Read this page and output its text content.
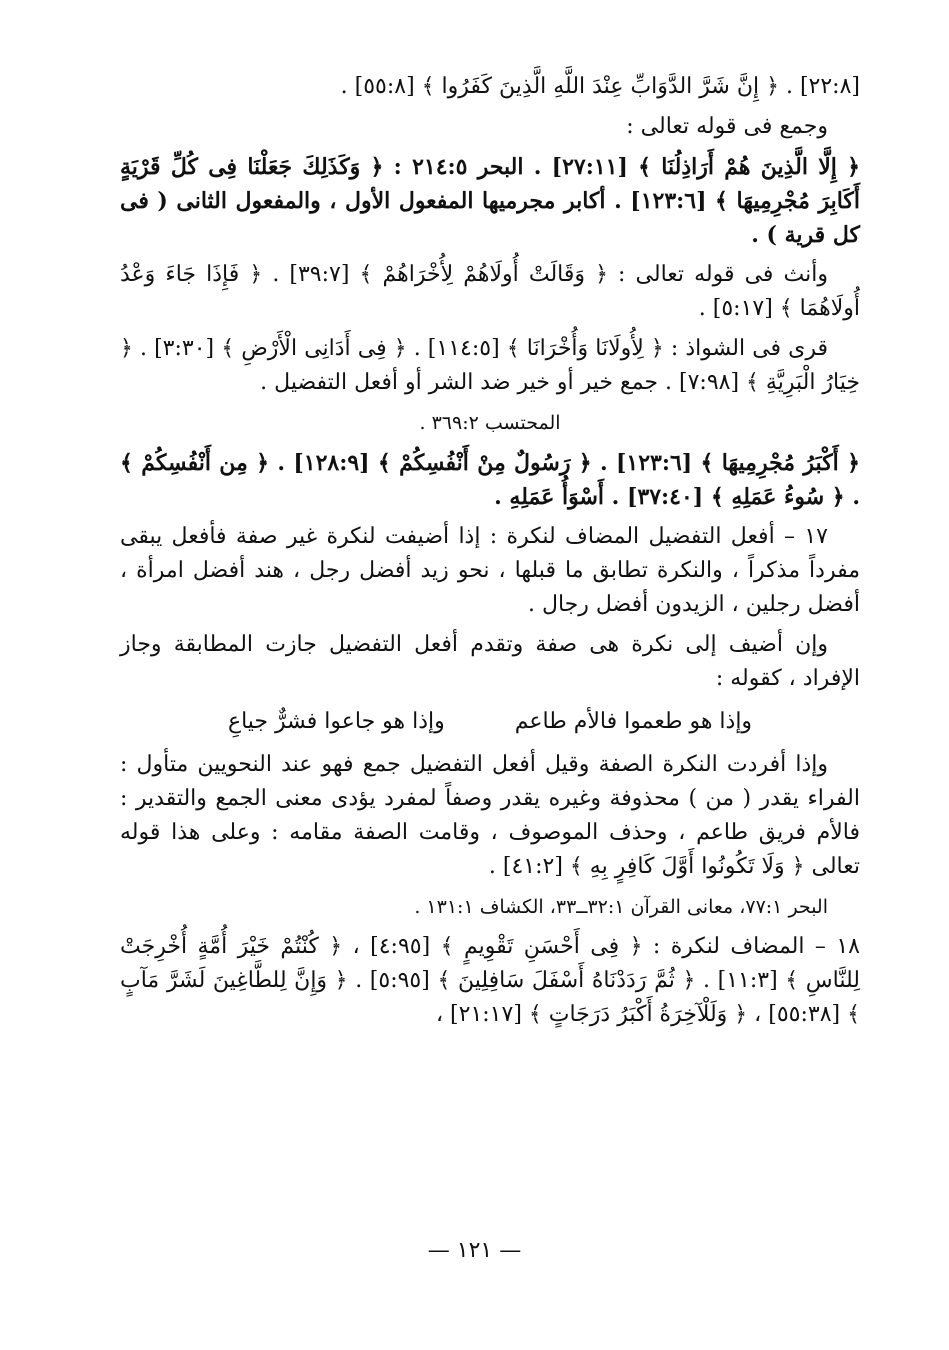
[٢٢:٨] . ﴿ إِنَّ شَرَّ الدَّوَابِّ عِنْدَ اللَّهِ الَّذِينَ كَفَرُوا ﴾ [٥٥:٨] .
وجمع فى قوله تعالى :
﴿ إِلَّا الَّذِينَ هُمْ أَرَاذِلُنَا ﴾ [٢٧:١١] . البحر ٢١٤:٥ : ﴿ وَكَذَلِكَ جَعَلْنَا فِى كُلِّ قَرْيَةٍ أَكَابِرَ مُجْرِمِيهَا ﴾ [١٢٣:٦] . أكابر مجرميها المفعول الأول ، والمفعول الثانى ( فى كل قرية ) .
وأنث فى قوله تعالى : ﴿ وَقَالَتْ أُولَاهُمْ لِأُخْرَاهُمْ ﴾ [٣٩:٧] . ﴿ فَإِذَا جَاءَ وَعْدُ أُولَاهُمَا ﴾ [٥:١٧] .
قرى فى الشواذ : ﴿ لِأُولَانَا وَأُخْرَانَا ﴾ [١١٤:٥] . ﴿ فِى أَدَانِى الْأَرْضِ ﴾ [٣:٣٠] . ﴿ خِيَارُ الْبَرِيَّةِ ﴾ [٧:٩٨] . جمع خير أو خير ضد الشر أو أفعل التفضيل .
المحتسب ٣٦٩:٢ .
﴿ أَكْبَرُ مُجْرِمِيهَا ﴾ [١٢٣:٦] . ﴿ رَسُولٌ مِنْ أَنْفُسِكُمْ ﴾ [١٢٨:٩] . ﴿ مِن أَنْفُسِكُمْ ﴾ . ﴿ سُوءُ عَمَلِهِ ﴾ [٣٧:٤٠] . أَسْوَأُ عَمَلِهِ .
١٧ – أفعل التفضيل المضاف لنكرة : إذا أضيفت لنكرة غير صفة فأفعل يبقى مفرداً مذكراً ، والنكرة تطابق ما قبلها ، نحو زيد أفضل رجل ، هند أفضل امرأة ، أفضل رجلين ، الزيدون أفضل رجال .
وإن أضيف إلى نكرة هى صفة وتقدم أفعل التفضيل جازت المطابقة وجاز الإفراد ، كقوله :
وإذا هو طعموا فالأم طاعم
وإذا هو جاعوا فشرٌّ جياعِ
وإذا أفردت النكرة الصفة وقيل أفعل التفضيل جمع فهو عند النحويين متأول : الفراء يقدر ( من ) محذوفة وغيره يقدر وصفاً لمفرد يؤدى معنى الجمع والتقدير : فالأم فريق طاعم ، وحذف الموصوف ، وقامت الصفة مقامه : وعلى هذا قوله تعالى ﴿ وَلَا تَكُونُوا أَوَّلَ كَافِرٍ بِهِ ﴾ [٤١:٢] .
البحر ٧٧:١، معانى القرآن ٣٢:١ــ٣٣، الكشاف ١٣١:١ .
١٨ – المضاف لنكرة : ﴿ فِى أَحْسَنِ تَقْوِيمٍ ﴾ [٤:٩٥] ، ﴿ كُنْتُمْ خَيْرَ أُمَّةٍ أُخْرِجَتْ لِلنَّاسِ ﴾ [١١:٣] . ﴿ ثُمَّ رَدَدْنَاهُ أَسْفَلَ سَافِلِينَ ﴾ [٥:٩٥] . ﴿ وَإِنَّ لِلطَّاغِينَ لَشَرَّ مَآبٍ ﴾ [٥٥:٣٨] ، ﴿ وَلَلْآخِرَةُ أَكْبَرُ دَرَجَاتٍ ﴾ [٢١:١٧] ،
— ١٢١ —
